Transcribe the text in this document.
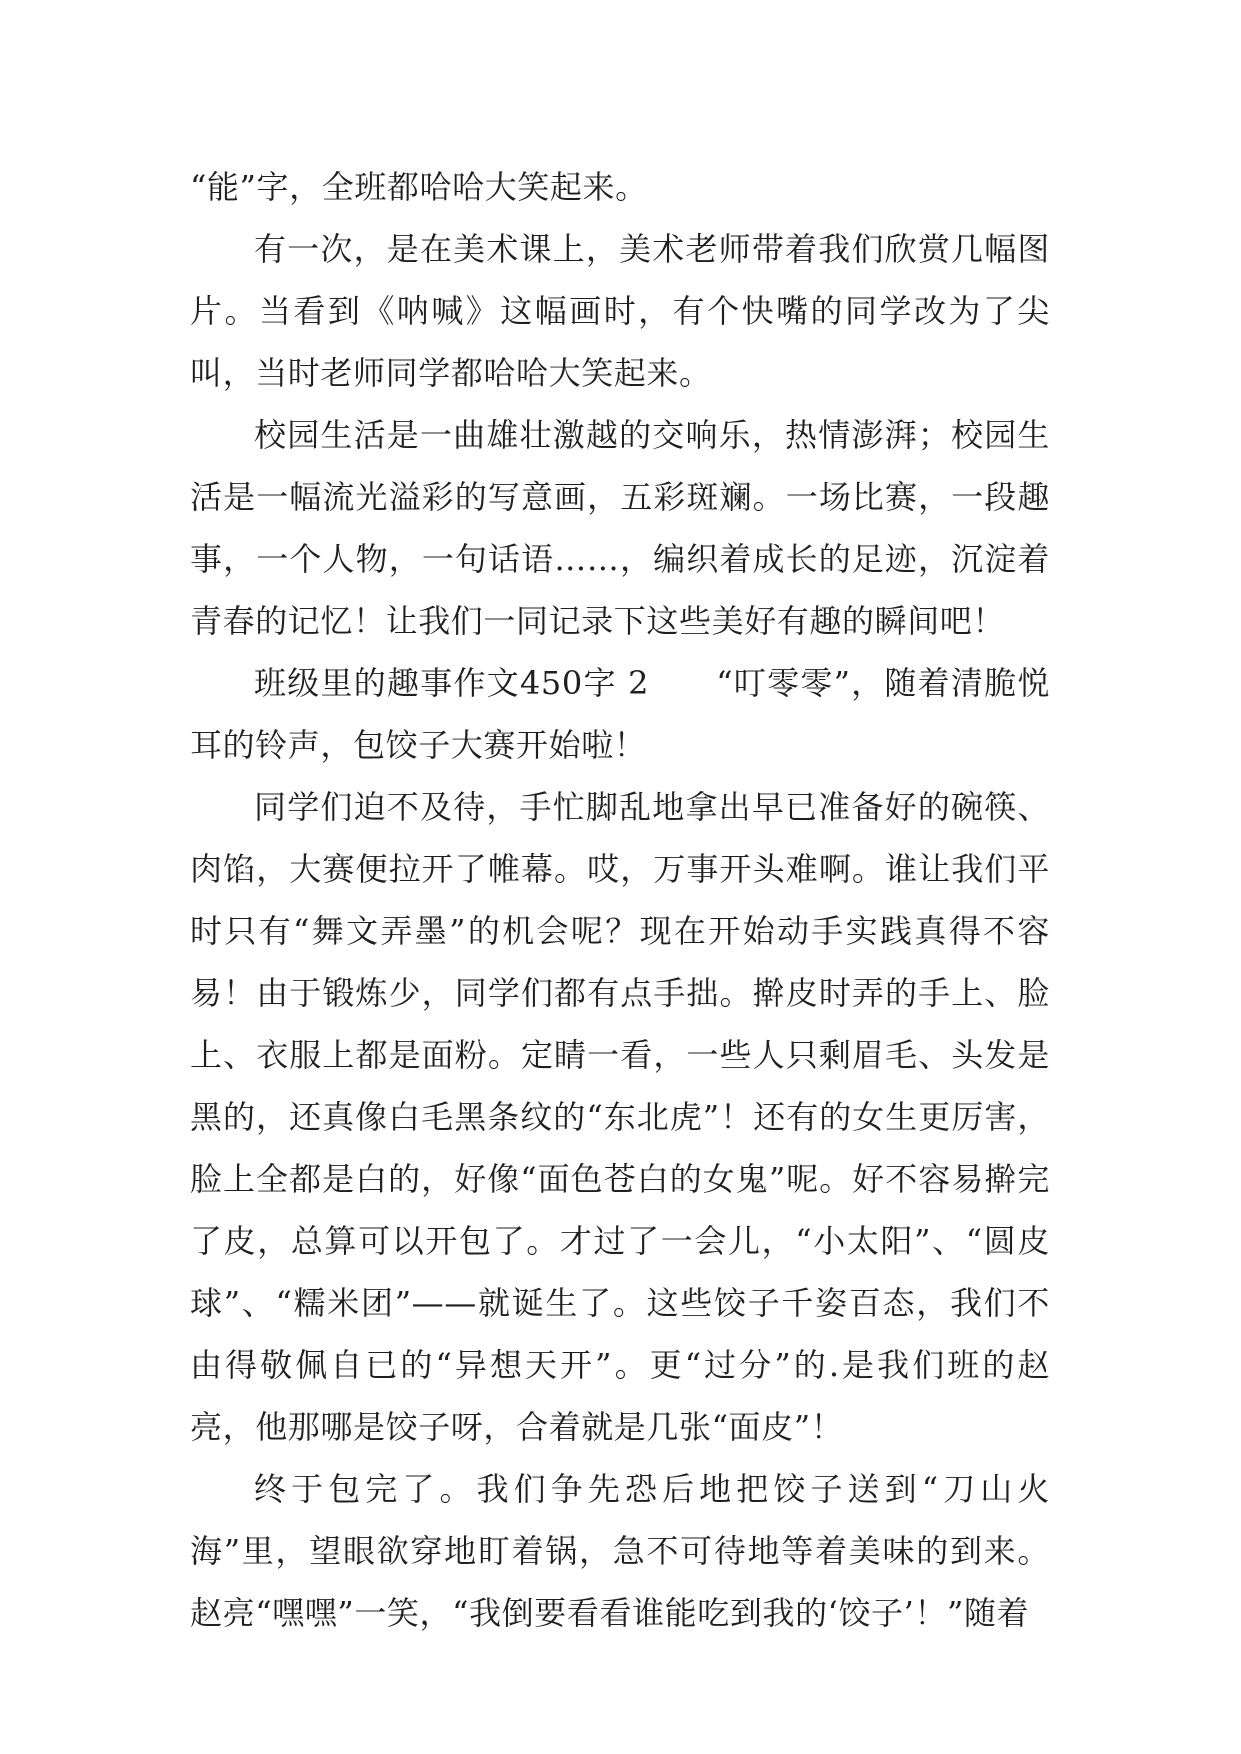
“能”字，全班都哈哈大笑起来。

有一次，是在美术课上，美术老师带着我们欣赏几幅图片。当看到《呐喊》这幅画时，有个快嘴的同学改为了尖叫，当时老师同学都哈哈大笑起来。

校园生活是一曲雄壮激越的交响乐，热情澎湃；校园生活是一幅流光溢彩的写意画，五彩斑斓。一场比赛，一段趣事，一个人物，一句话语……，编织着成长的足迹，沉淀着青春的记忆！让我们一同记录下这些美好有趣的瞬间吧！

班级里的趣事作文450字 2　　“叮零零”，随着清脆悦耳的铃声，包饺子大赛开始啦！

同学们迫不及待，手忙脚乱地拿出早已准备好的碗筷、肉馅，大赛便拉开了帷幕。哎，万事开头难啊。谁让我们平时只有“舞文弄墨”的机会呢？现在开始动手实践真得不容易！由于锻炼少，同学们都有点手拙。擀皮时弄的手上、脸上、衣服上都是面粉。定睛一看，一些人只剩眉毛、头发是黑的，还真像白毛黑条纹的“东北虎”！还有的女生更厉害，脸上全都是白的，好像“面色苍白的女鬼”呢。好不容易擀完了皮，总算可以开包了。才过了一会儿，“小太阳”、“圆皮球”、“糯米团”——就诞生了。这些饺子千姿百态，我们不由得敬佩自已的“异想天开”。更“过分”的.是我们班的赵亮，他那哪是饺子呀，合着就是几张“面皮”！

终于包完了。我们争先恐后地把饺子送到“刀山火海”里，望眼欲穿地盯着锅，急不可待地等着美味的到来。赵亮“嘿嘿”一笑，“我倒要看看谁能吃到我的‘饺子’！”随着
